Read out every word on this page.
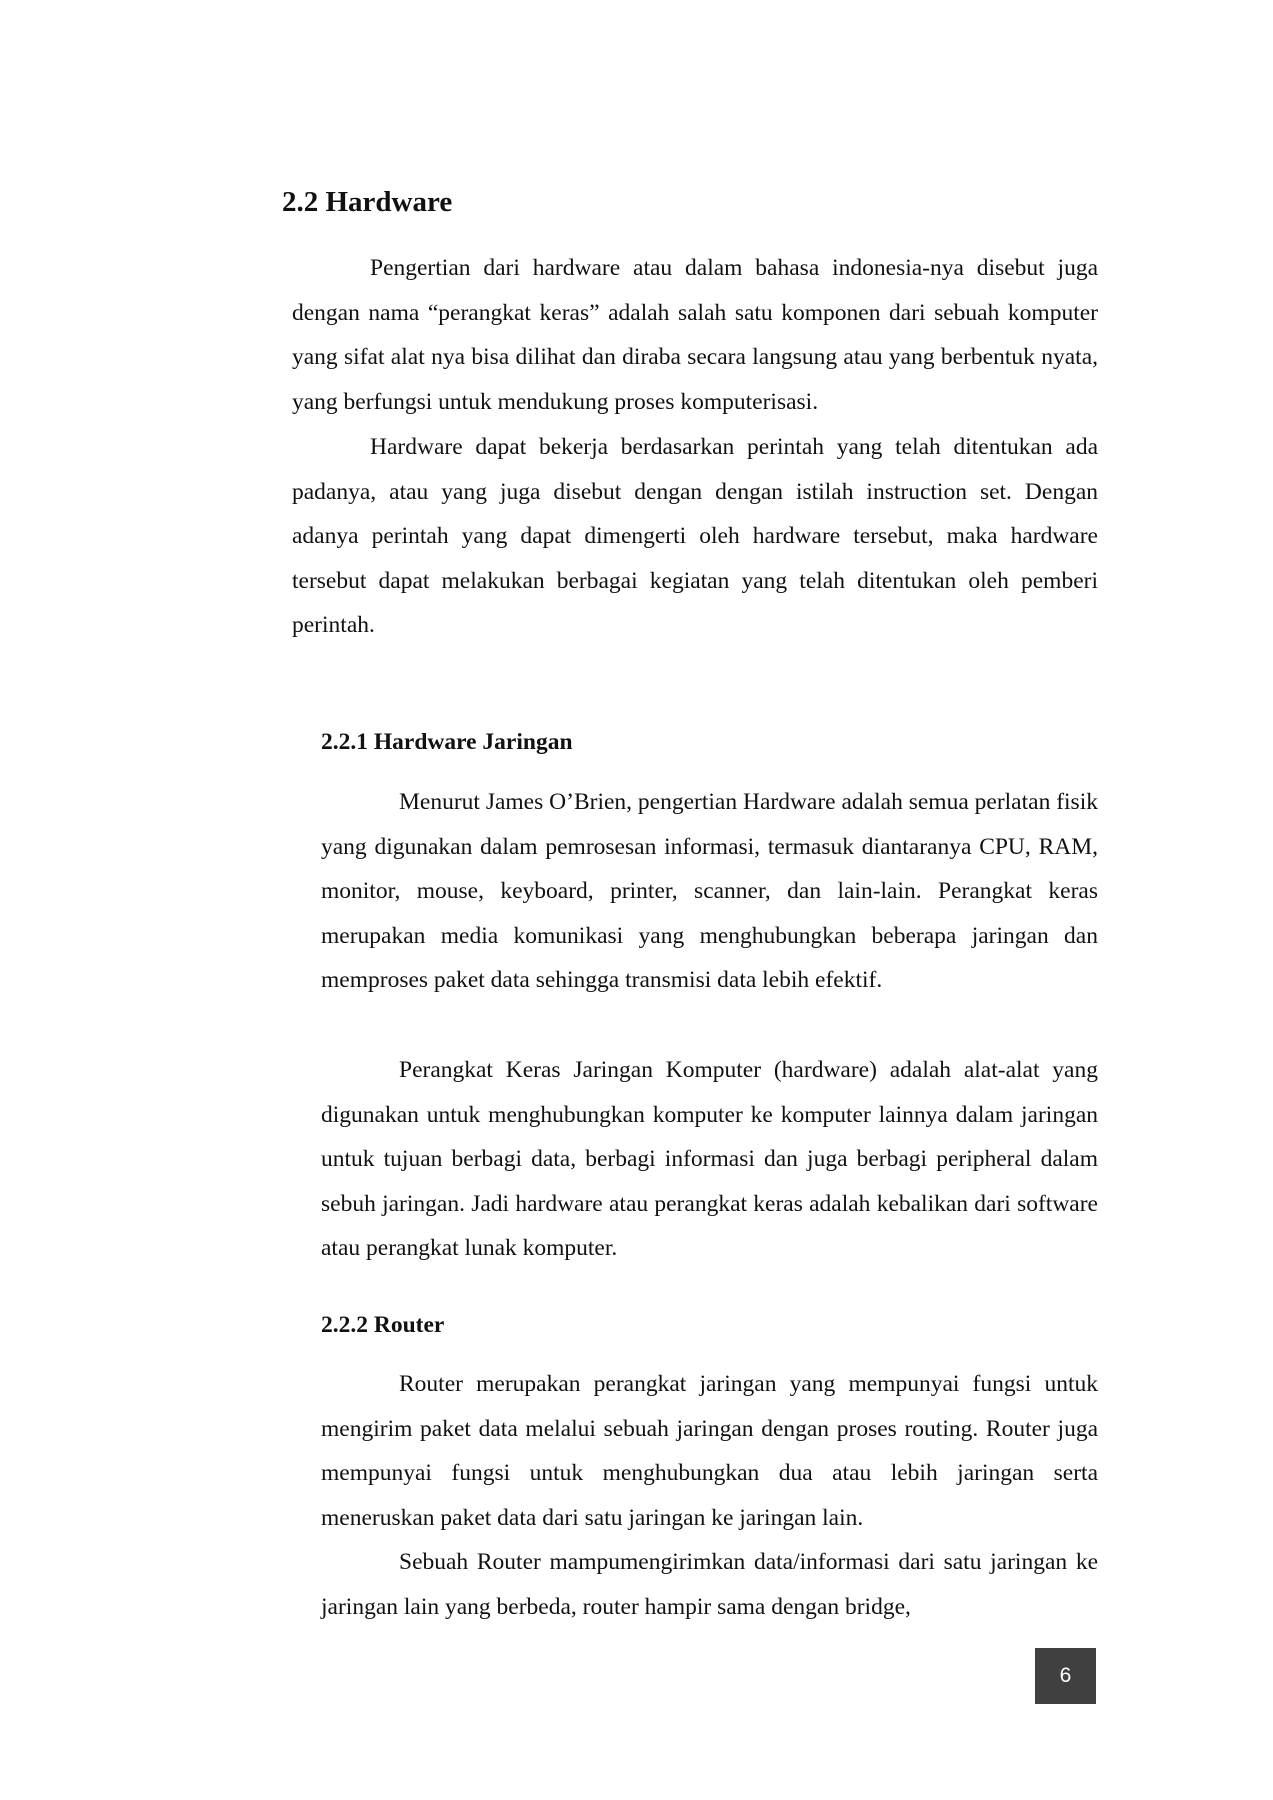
2.2 Hardware

Pengertian dari hardware atau dalam bahasa indonesia-nya disebut juga dengan nama “perangkat keras” adalah salah satu komponen dari sebuah komputer yang sifat alat nya bisa dilihat dan diraba secara langsung atau yang berbentuk nyata, yang berfungsi untuk mendukung proses komputerisasi.

Hardware dapat bekerja berdasarkan perintah yang telah ditentukan ada padanya, atau yang juga disebut dengan dengan istilah instruction set. Dengan adanya perintah yang dapat dimengerti oleh hardware tersebut, maka hardware tersebut dapat melakukan berbagai kegiatan yang telah ditentukan oleh pemberi perintah.

2.2.1 Hardware Jaringan

Menurut James O’Brien, pengertian Hardware adalah semua perlatan fisik yang digunakan dalam pemrosesan informasi, termasuk diantaranya CPU, RAM, monitor, mouse, keyboard, printer, scanner, dan lain-lain. Perangkat keras merupakan media komunikasi yang menghubungkan beberapa jaringan dan memproses paket data sehingga transmisi data lebih efektif.

Perangkat Keras Jaringan Komputer (hardware) adalah alat-alat yang digunakan untuk menghubungkan komputer ke komputer lainnya dalam jaringan untuk tujuan berbagi data, berbagi informasi dan juga berbagi peripheral dalam sebuh jaringan. Jadi hardware atau perangkat keras adalah kebalikan dari software atau perangkat lunak komputer.

2.2.2 Router

Router merupakan perangkat jaringan yang mempunyai fungsi untuk mengirim paket data melalui sebuah jaringan dengan proses routing. Router juga mempunyai fungsi untuk menghubungkan dua atau lebih jaringan serta meneruskan paket data dari satu jaringan ke jaringan lain.

Sebuah Router mampumengirimkan data/informasi dari satu jaringan ke jaringan lain yang berbeda, router hampir sama dengan bridge,

6
